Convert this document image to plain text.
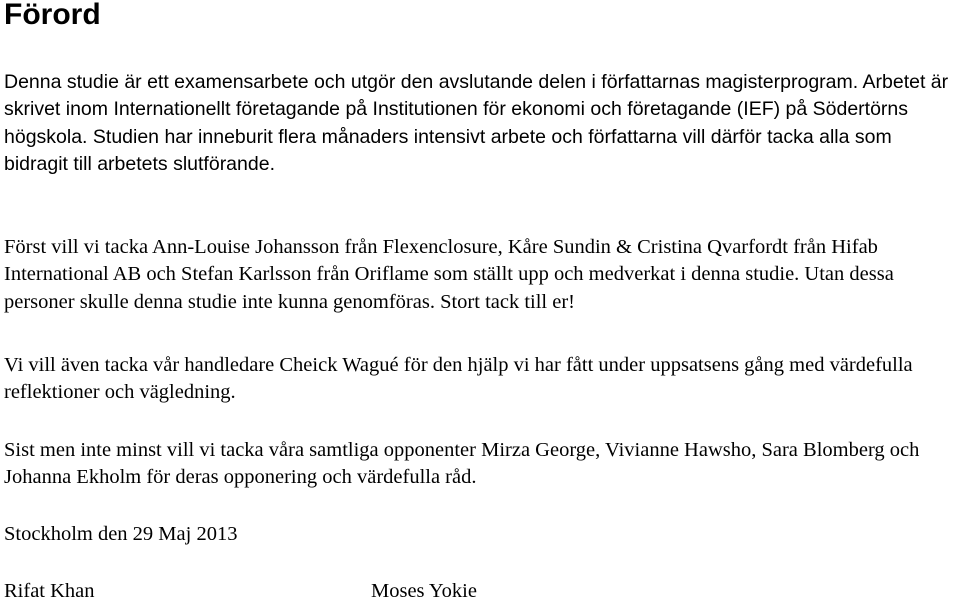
Förord

Denna studie är ett examensarbete och utgör den avslutande delen i författarnas magisterprogram. Arbetet är skrivet inom Internationellt företagande på Institutionen för ekonomi och företagande (IEF) på Södertörns högskola. Studien har inneburit flera månaders intensivt arbete och författarna vill därför tacka alla som bidragit till arbetets slutförande.

Först vill vi tacka Ann-Louise Johansson från Flexenclosure, Kåre Sundin & Cristina Qvarfordt från Hifab International AB och Stefan Karlsson från Oriflame som ställt upp och medverkat i denna studie. Utan dessa personer skulle denna studie inte kunna genomföras. Stort tack till er!

Vi vill även tacka vår handledare Cheick Wagué för den hjälp vi har fått under uppsatsens gång med värdefulla reflektioner och vägledning.

Sist men inte minst vill vi tacka våra samtliga opponenter Mirza George, Vivianne Hawsho, Sara Blomberg och Johanna Ekholm för deras opponering och värdefulla råd.

Stockholm den 29 Maj 2013

Rifat Khan	Moses Yokie
